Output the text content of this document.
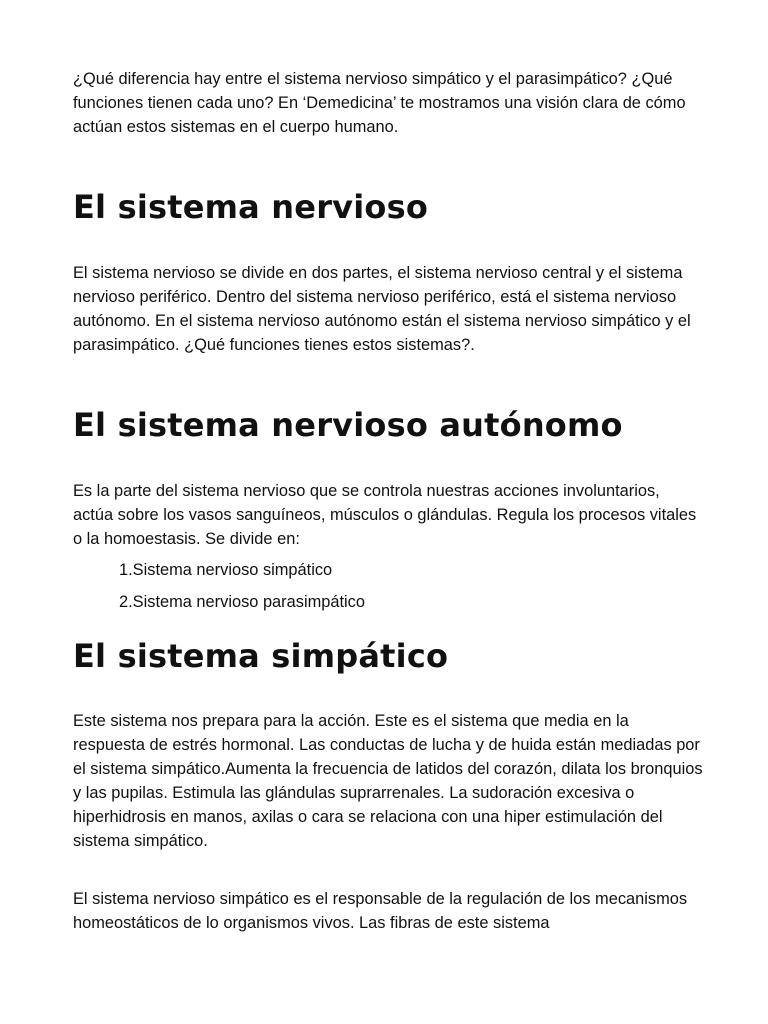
¿Qué diferencia hay entre el sistema nervioso simpático y el parasimpático? ¿Qué funciones tienen cada uno? En ‘Demedicina’ te mostramos una visión clara de cómo actúan estos sistemas en el cuerpo humano.

El sistema nervioso

El sistema nervioso se divide en dos partes, el sistema nervioso central y el sistema nervioso periférico. Dentro del sistema nervioso periférico, está el sistema nervioso autónomo. En el sistema nervioso autónomo están el sistema nervioso simpático y el parasimpático. ¿Qué funciones tienes estos sistemas?.

El sistema nervioso autónomo

Es la parte del sistema nervioso que se controla nuestras acciones involuntarios, actúa sobre los vasos sanguíneos, músculos o glándulas. Regula los procesos vitales o la homoestasis. Se divide en:

1.Sistema nervioso simpático
2.Sistema nervioso parasimpático
El sistema simpático

Este sistema nos prepara para la acción. Este es el sistema que media en la respuesta de estrés hormonal. Las conductas de lucha y de huida están mediadas por el sistema simpático.Aumenta la frecuencia de latidos del corazón, dilata los bronquios y las pupilas. Estimula las glándulas suprarrenales. La sudoración excesiva o hiperhidrosis en manos, axilas o cara se relaciona con una hiper estimulación del sistema simpático.

El sistema nervioso simpático es el responsable de la regulación de los mecanismos homeostáticos de lo organismos vivos. Las fibras de este sistema
